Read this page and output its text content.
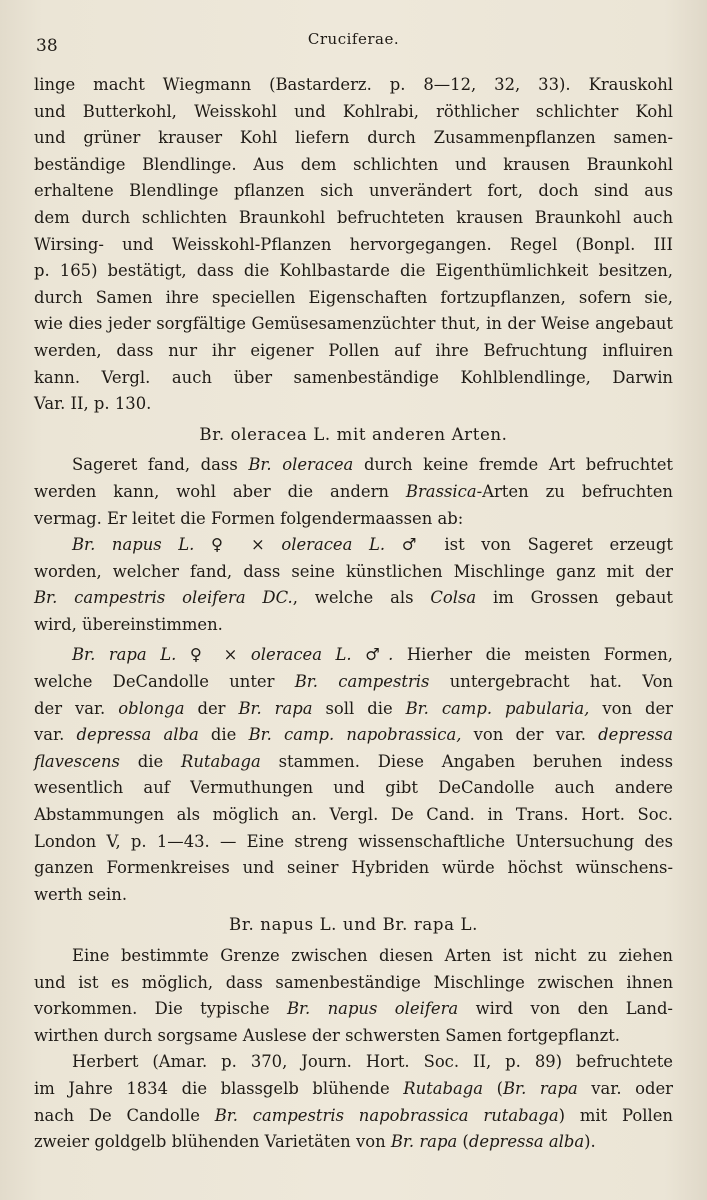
38	Cruciferae.

linge macht Wiegmann (Bastarderz. p. 8—12, 32, 33). Krauskohl
und Butterkohl, Weisskohl und Kohlrabi, röthlicher schlichter Kohl
und grüner krauser Kohl liefern durch Zusammenpflanzen samen-
beständige Blendlinge. Aus dem schlichten und krausen Braunkohl
erhaltene Blendlinge pflanzen sich unverändert fort, doch sind aus
dem durch schlichten Braunkohl befruchteten krausen Braunkohl auch
Wirsing- und Weisskohl-Pflanzen hervorgegangen. Regel (Bonpl. III
p. 165) bestätigt, dass die Kohlbastarde die Eigenthümlichkeit besitzen,
durch Samen ihre speciellen Eigenschaften fortzupflanzen, sofern sie,
wie dies jeder sorgfältige Gemüsesamenzüchter thut, in der Weise angebaut
werden, dass nur ihr eigener Pollen auf ihre Befruchtung influiren
kann. Vergl. auch über samenbeständige Kohlblendlinge, Darwin
Var. II, p. 130.

Br. oleracea L. mit anderen Arten.

Sageret fand, dass Br. oleracea durch keine fremde Art befruchtet
werden kann, wohl aber die andern Brassica-Arten zu befruchten
vermag. Er leitet die Formen folgendermaassen ab:

Br. napus L. ♀ × oleracea L. ♂ ist von Sageret erzeugt
worden, welcher fand, dass seine künstlichen Mischlinge ganz mit der
Br. campestris oleifera DC., welche als Colsa im Grossen gebaut
wird, übereinstimmen.

Br. rapa L. ♀ × oleracea L. ♂. Hierher die meisten Formen,
welche DeCandolle unter Br. campestris untergebracht hat. Von
der var. oblonga der Br. rapa soll die Br. camp. pabularia, von der
var. depressa alba die Br. camp. napobrassica, von der var. depressa
flavescens die Rutabaga stammen. Diese Angaben beruhen indess
wesentlich auf Vermuthungen und gibt DeCandolle auch andere
Abstammungen als möglich an. Vergl. De Cand. in Trans. Hort. Soc.
London V, p. 1—43. — Eine streng wissenschaftliche Untersuchung des
ganzen Formenkreises und seiner Hybriden würde höchst wünschens-
werth sein.

Br. napus L. und Br. rapa L.

Eine bestimmte Grenze zwischen diesen Arten ist nicht zu ziehen
und ist es möglich, dass samenbeständige Mischlinge zwischen ihnen
vorkommen. Die typische Br. napus oleifera wird von den Land-
wirthen durch sorgsame Auslese der schwersten Samen fortgepflanzt.

Herbert (Amar. p. 370, Journ. Hort. Soc. II, p. 89) befruchtete
im Jahre 1834 die blassgelb blühende Rutabaga (Br. rapa var. oder
nach De Candolle Br. campestris napobrassica rutabaga) mit Pollen
zweier goldgelb blühenden Varietäten von Br. rapa (depressa alba).
